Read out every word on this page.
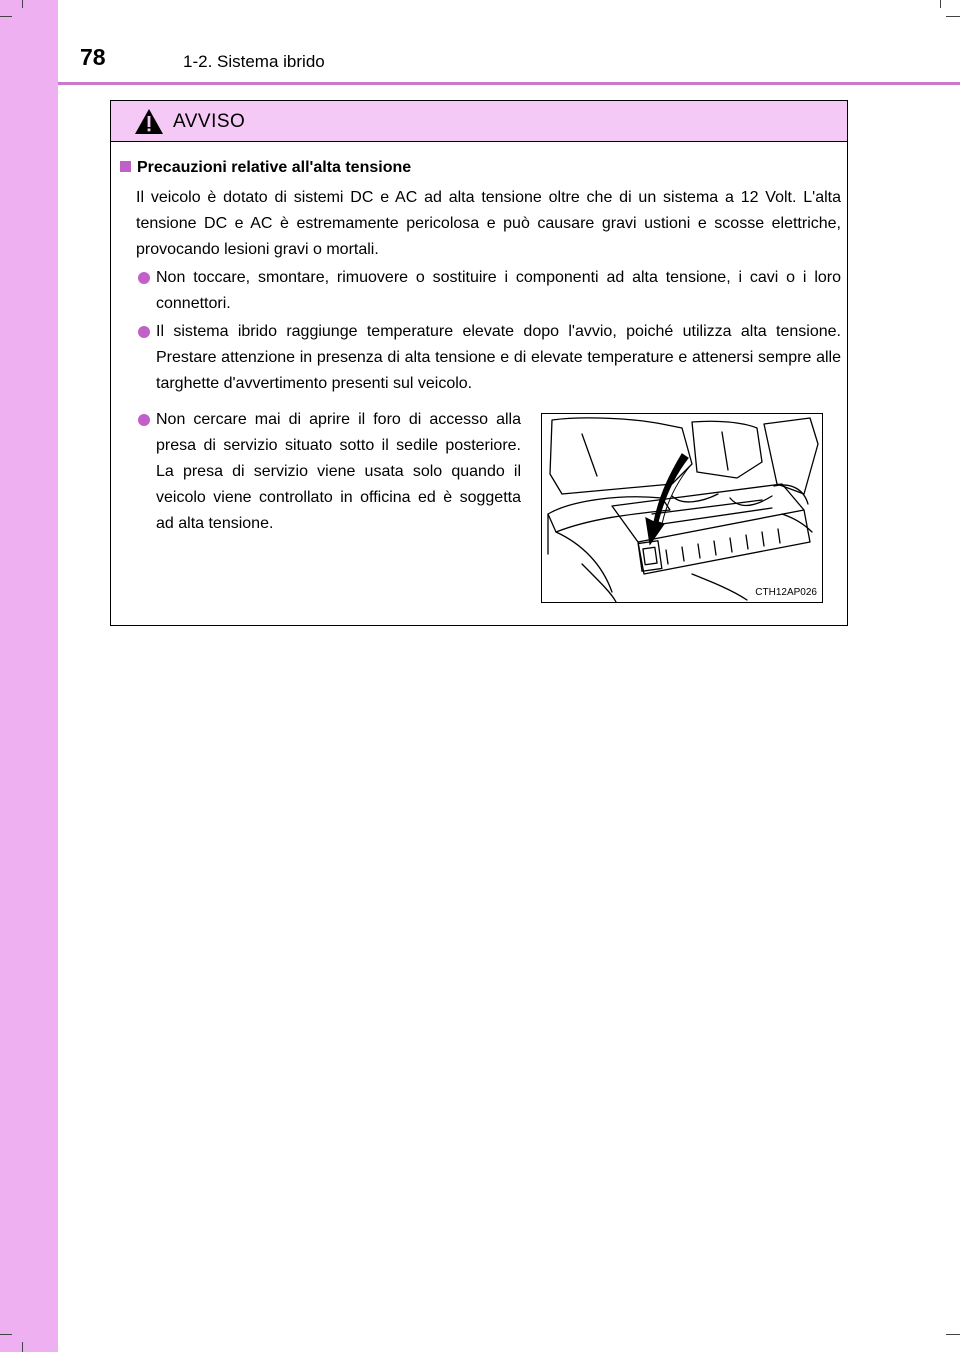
78	1-2. Sistema ibrido
AVVISO
Precauzioni relative all'alta tensione
Il veicolo è dotato di sistemi DC e AC ad alta tensione oltre che di un sistema a 12 Volt. L'alta tensione DC e AC è estremamente pericolosa e può causare gravi ustioni e scosse elettriche, provocando lesioni gravi o mortali.
Non toccare, smontare, rimuovere o sostituire i componenti ad alta tensione, i cavi o i loro connettori.
Il sistema ibrido raggiunge temperature elevate dopo l'avvio, poiché utilizza alta tensione. Prestare attenzione in presenza di alta tensione e di elevate temperature e attenersi sempre alle targhette d'avvertimento presenti sul veicolo.
Non cercare mai di aprire il foro di accesso alla presa di servizio situato sotto il sedile posteriore. La presa di servizio viene usata solo quando il veicolo viene controllato in officina ed è soggetta ad alta tensione.
CTH12AP026
